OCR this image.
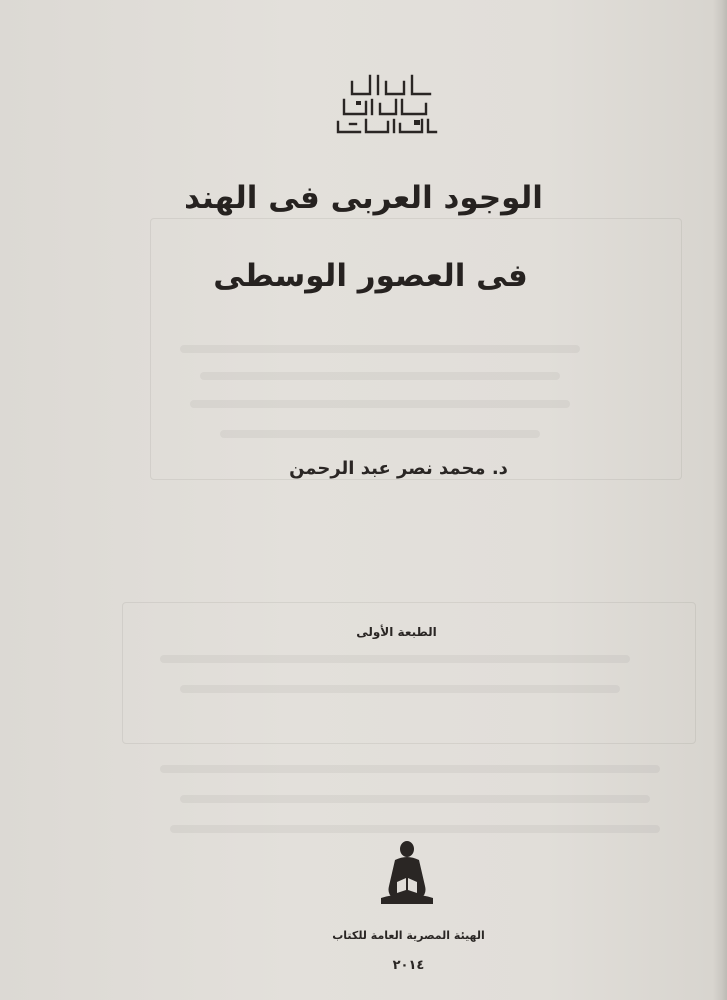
الوجود العربى فى الهند
فى العصور الوسطى
د. محمد نصر عبد الرحمن
الطبعة الأولى
الهيئة المصرية العامة للكتاب
٢٠١٤
